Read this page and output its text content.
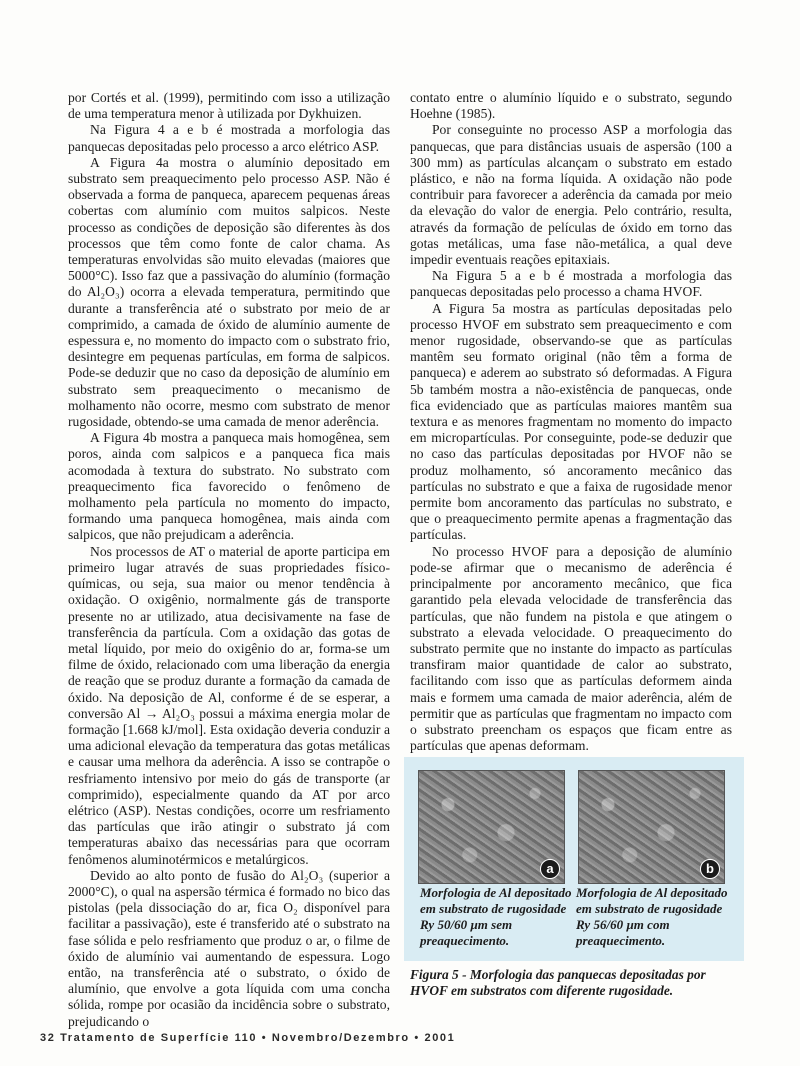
por Cortés et al. (1999), permitindo com isso a utilização de uma temperatura menor à utilizada por Dykhuizen.

Na Figura 4 a e b é mostrada a morfologia das panquecas depositadas pelo processo a arco elétrico ASP.

A Figura 4a mostra o alumínio depositado em substrato sem preaquecimento pelo processo ASP. Não é observada a forma de panqueca, aparecem pequenas áreas cobertas com alumínio com muitos salpicos. Neste processo as condições de deposição são diferentes às dos processos que têm como fonte de calor chama. As temperaturas envolvidas são muito elevadas (maiores que 5000°C). Isso faz que a passivação do alumínio (formação do Al₂O₃) ocorra a elevada temperatura, permitindo que durante a transferência até o substrato por meio de ar comprimido, a camada de óxido de alumínio aumente de espessura e, no momento do impacto com o substrato frio, desintegre em pequenas partículas, em forma de salpicos. Pode-se deduzir que no caso da deposição de alumínio em substrato sem preaquecimento o mecanismo de molhamento não ocorre, mesmo com substrato de menor rugosidade, obtendo-se uma camada de menor aderência.

A Figura 4b mostra a panqueca mais homogênea, sem poros, ainda com salpicos e a panqueca fica mais acomodada à textura do substrato. No substrato com preaquecimento fica favorecido o fenômeno de molhamento pela partícula no momento do impacto, formando uma panqueca homogênea, mais ainda com salpicos, que não prejudicam a aderência.

Nos processos de AT o material de aporte participa em primeiro lugar através de suas propriedades físico-químicas, ou seja, sua maior ou menor tendência à oxidação. O oxigênio, normalmente gás de transporte presente no ar utilizado, atua decisivamente na fase de transferência da partícula. Com a oxidação das gotas de metal líquido, por meio do oxigênio do ar, forma-se um filme de óxido, relacionado com uma liberação da energia de reação que se produz durante a formação da camada de óxido. Na deposição de Al, conforme é de se esperar, a conversão Al → Al₂O₃ possui a máxima energia molar de formação [1.668 kJ/mol]. Esta oxidação deveria conduzir a uma adicional elevação da temperatura das gotas metálicas e causar uma melhora da aderência. A isso se contrapõe o resfriamento intensivo por meio do gás de transporte (ar comprimido), especialmente quando da AT por arco elétrico (ASP). Nestas condições, ocorre um resfriamento das partículas que irão atingir o substrato já com temperaturas abaixo das necessárias para que ocorram fenômenos aluminotérmicos e metalúrgicos.

Devido ao alto ponto de fusão do Al₂O₃ (superior a 2000°C), o qual na aspersão térmica é formado no bico das pistolas (pela dissociação do ar, fica O₂ disponível para facilitar a passivação), este é transferido até o substrato na fase sólida e pelo resfriamento que produz o ar, o filme de óxido de alumínio vai aumentando de espessura. Logo então, na transferência até o substrato, o óxido de alumínio, que envolve a gota líquida com uma concha sólida, rompe por ocasião da incidência sobre o substrato, prejudicando o

contato entre o alumínio líquido e o substrato, segundo Hoehne (1985).

Por conseguinte no processo ASP a morfologia das panquecas, que para distâncias usuais de aspersão (100 a 300 mm) as partículas alcançam o substrato em estado plástico, e não na forma líquida. A oxidação não pode contribuir para favorecer a aderência da camada por meio da elevação do valor de energia. Pelo contrário, resulta, através da formação de películas de óxido em torno das gotas metálicas, uma fase não-metálica, a qual deve impedir eventuais reações epitaxiais.

Na Figura 5 a e b é mostrada a morfologia das panquecas depositadas pelo processo a chama HVOF.

A Figura 5a mostra as partículas depositadas pelo processo HVOF em substrato sem preaquecimento e com menor rugosidade, observando-se que as partículas mantêm seu formato original (não têm a forma de panqueca) e aderem ao substrato só deformadas. A Figura 5b também mostra a não-existência de panquecas, onde fica evidenciado que as partículas maiores mantêm sua textura e as menores fragmentam no momento do impacto em micropartículas. Por conseguinte, pode-se deduzir que no caso das partículas depositadas por HVOF não se produz molhamento, só ancoramento mecânico das partículas no substrato e que a faixa de rugosidade menor permite bom ancoramento das partículas no substrato, e que o preaquecimento permite apenas a fragmentação das partículas.

No processo HVOF para a deposição de alumínio pode-se afirmar que o mecanismo de aderência é principalmente por ancoramento mecânico, que fica garantido pela elevada velocidade de transferência das partículas, que não fundem na pistola e que atingem o substrato a elevada velocidade. O preaquecimento do substrato permite que no instante do impacto as partículas transfiram maior quantidade de calor ao substrato, facilitando com isso que as partículas deformem ainda mais e formem uma camada de maior aderência, além de permitir que as partículas que fragmentam no impacto com o substrato preencham os espaços que ficam entre as partículas que apenas deformam.

a	b
Morfologia de Al depositado em substrato de rugosidade Ry 50/60 µm sem preaquecimento.
Morfologia de Al depositado em substrato de rugosidade Ry 56/60 µm com preaquecimento.
Figura 5 - Morfologia das panquecas depositadas por HVOF em substratos com diferente rugosidade.
32 Tratamento de Superfície 110 • Novembro/Dezembro • 2001
